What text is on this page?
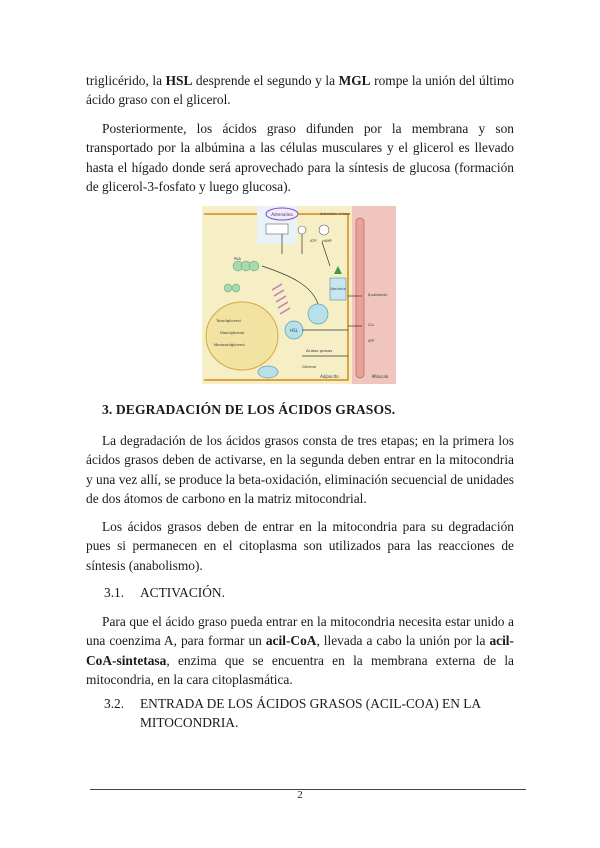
triglicérido, la HSL desprende el segundo y la MGL rompe la unión del último ácido graso con el glicerol.

Posteriormente, los ácidos graso difunden por la membrana y son transportado por la albúmina a las células musculares y el glicerol es llevado hasta el hígado donde será aprovechado para la síntesis de glucosa (formación de glicerol-3-fosfato y luego glucosa).

Adrenalina	Adenilato ciclasa
ATP cAMP
PKA
Triacilglicerol
Diacilglicerol
Monoacilglicerol
HSL
Ácidos grasos
Glicerol
Adipocito
Albúmina
β-oxidación
CO₂
ATP
Músculo

3. DEGRADACIÓN DE LOS ÁCIDOS GRASOS.

La degradación de los ácidos grasos consta de tres etapas; en la primera los ácidos grasos deben de activarse, en la segunda deben entrar en la mitocondria y una vez allí, se produce la beta-oxidación, eliminación secuencial de unidades de dos átomos de carbono en la matriz mitocondrial.

Los ácidos grasos deben de entrar en la mitocondria para su degradación pues si permanecen en el citoplasma son utilizados para las reacciones de síntesis (anabolismo).

3.1.	ACTIVACIÓN.

Para que el ácido graso pueda entrar en la mitocondria necesita estar unido a una coenzima A, para formar un acil-CoA, llevada a cabo la unión por la acil-CoA-sintetasa, enzima que se encuentra en la membrana externa de la mitocondria, en la cara citoplasmática.

3.2.	ENTRADA DE LOS ÁCIDOS GRASOS (ACIL-COA) EN LA MITOCONDRIA.
2
